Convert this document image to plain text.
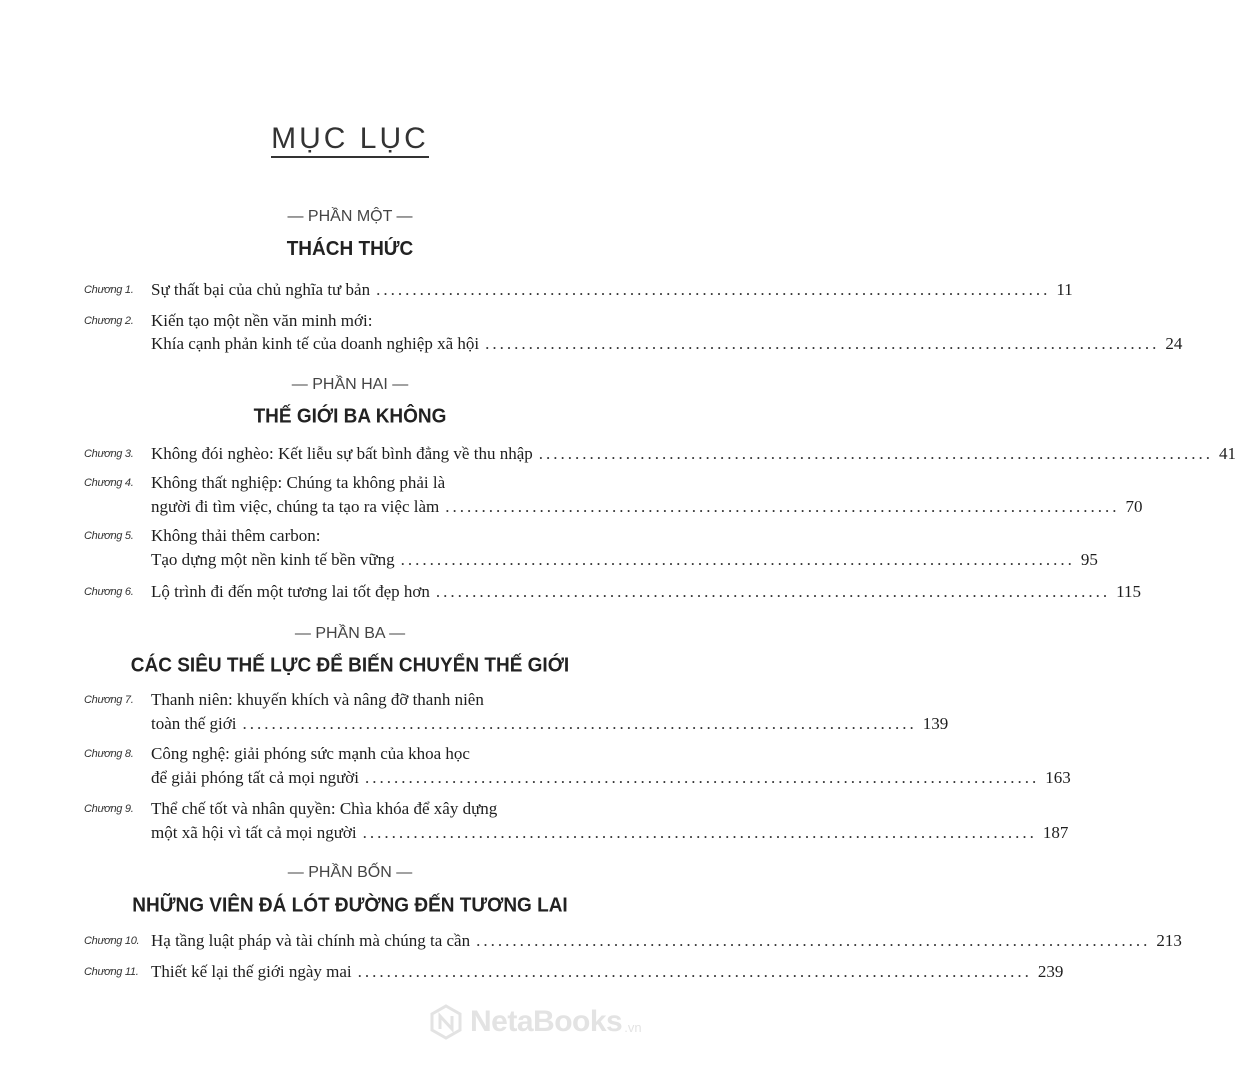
MỤC LỤC
— PHẦN MỘT —
THÁCH THỨC
Chương 1. Sự thất bại của chủ nghĩa tư bản ............................................................................................. 11
Chương 2. Kiến tạo một nền văn minh mới:
Khía cạnh phản kinh tế của doanh nghiệp xã hội ............................................................................................. 24
— PHẦN HAI —
THẾ GIỚI BA KHÔNG
Chương 3. Không đói nghèo: Kết liễu sự bất bình đẳng về thu nhập ............................................................................................. 41
Chương 4. Không thất nghiệp: Chúng ta không phải là
người đi tìm việc, chúng ta tạo ra việc làm ............................................................................................. 70
Chương 5. Không thải thêm carbon:
Tạo dựng một nền kinh tế bền vững ............................................................................................. 95
Chương 6. Lộ trình đi đến một tương lai tốt đẹp hơn ............................................................................................. 115
— PHẦN BA —
CÁC SIÊU THẾ LỰC ĐỂ BIẾN CHUYỂN THẾ GIỚI
Chương 7. Thanh niên: khuyến khích và nâng đỡ thanh niên
toàn thế giới ............................................................................................. 139
Chương 8. Công nghệ: giải phóng sức mạnh của khoa học
để giải phóng tất cả mọi người ............................................................................................. 163
Chương 9. Thể chế tốt và nhân quyền: Chìa khóa để xây dựng
một xã hội vì tất cả mọi người ............................................................................................. 187
— PHẦN BỐN —
NHỮNG VIÊN ĐÁ LÓT ĐƯỜNG ĐẾN TƯƠNG LAI
Chương 10. Hạ tầng luật pháp và tài chính mà chúng ta cần ............................................................................................. 213
Chương 11. Thiết kế lại thế giới ngày mai ............................................................................................. 239
NetaBooks .vn
